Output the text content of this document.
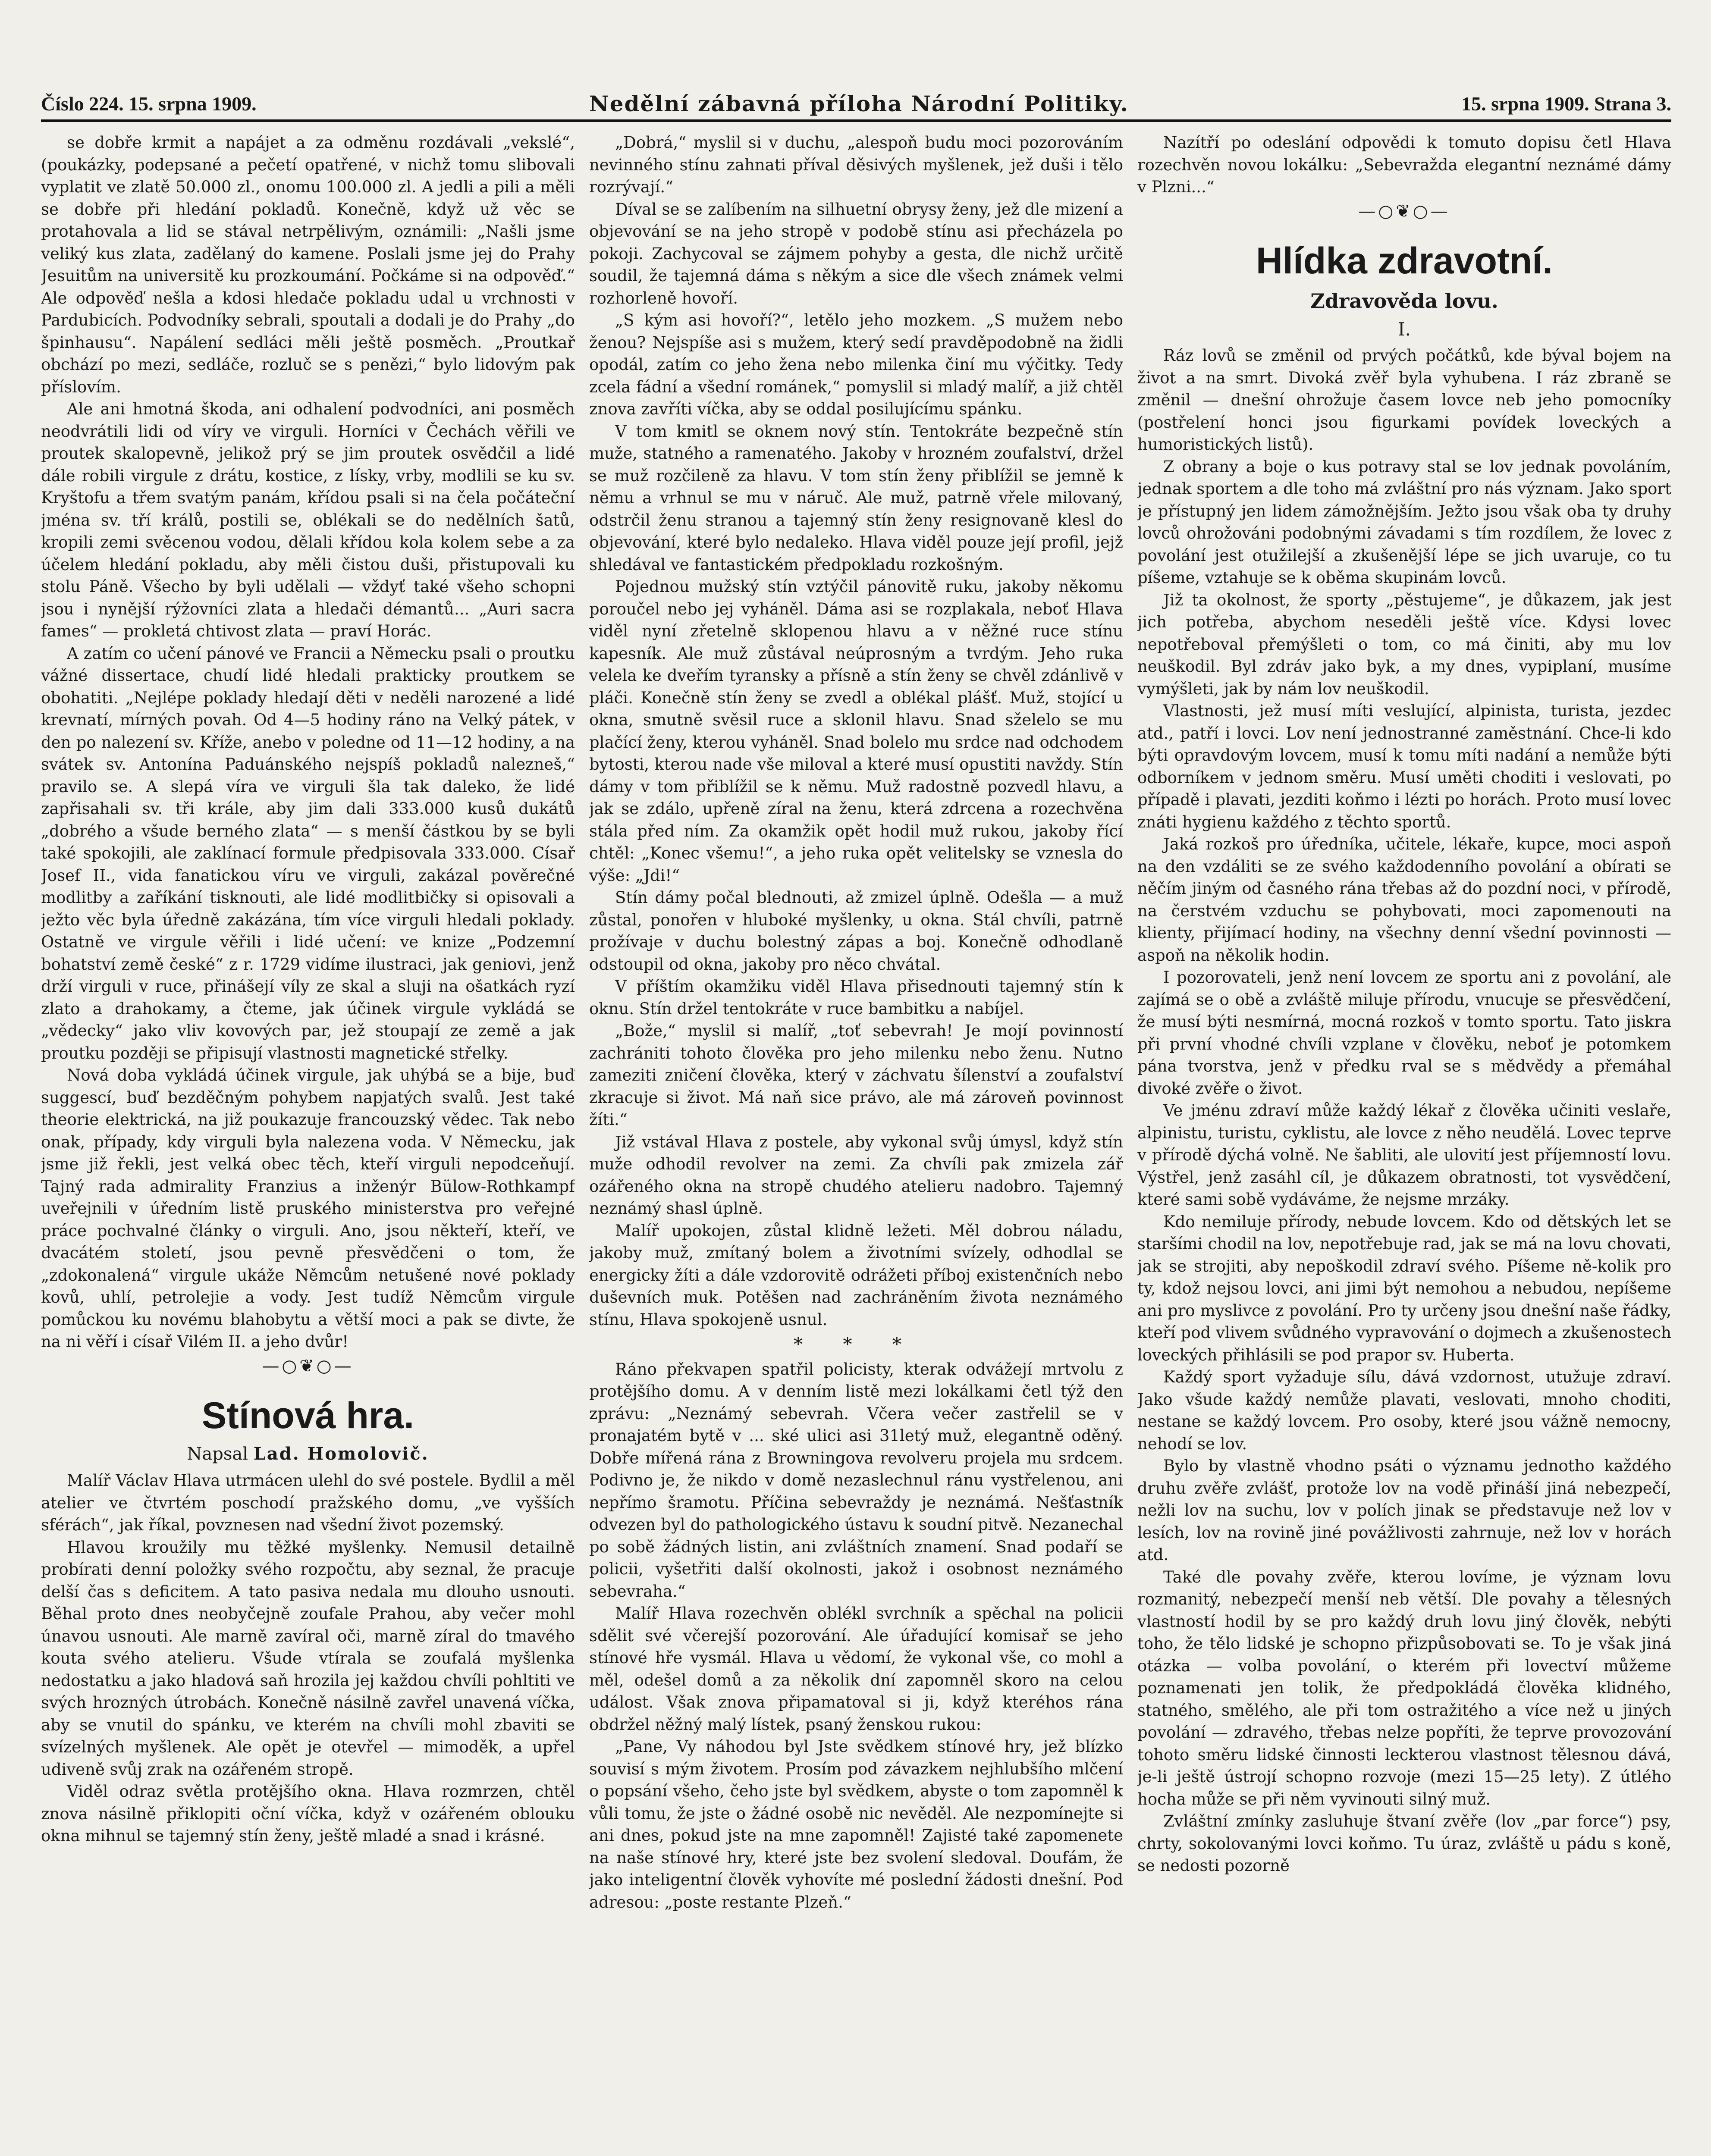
Číslo 224. 15. srpna 1909.	Nedělní zábavná příloha Národní Politiky.	15. srpna 1909. Strana 3.

se dobře krmit a napájet a za odměnu rozdávali „vekslé“, (poukázky, podepsané a pečetí opatřené, v nichž tomu slibovali vyplatit ve zlatě 50.000 zl., onomu 100.000 zl. A jedli a pili a měli se dobře při hledání pokladů. Konečně, když už věc se protahovala a lid se stával netrpělivým, oznámili: „Našli jsme veliký kus zlata, zadělaný do kamene. Poslali jsme jej do Prahy Jesuitům na universitě ku prozkoumání. Počkáme si na odpověď.“ Ale odpověď nešla a kdosi hledače pokladu udal u vrchnosti v Pardubicích. Podvodníky sebrali, spoutali a dodali je do Prahy „do špinhausu“. Napálení sedláci měli ještě posměch. „Proutkař obchází po mezi, sedláče, rozluč se s penězi,“ bylo lidovým pak příslovím.

Ale ani hmotná škoda, ani odhalení podvodníci, ani posměch neodvrátili lidi od víry ve virguli. Horníci v Čechách věřili ve proutek skalopevně, jelikož prý se jim proutek osvědčil a lidé dále robili virgule z drátu, kostice, z lísky, vrby, modlili se ku sv. Kryštofu a třem svatým panám, křídou psali si na čela počáteční jména sv. tří králů, postili se, oblékali se do nedělních šatů, kropili zemi svěcenou vodou, dělali křídou kola kolem sebe a za účelem hledání pokladu, aby měli čistou duši, přistupovali ku stolu Páně. Všecho by byli udělali — vždyť také všeho schopni jsou i nynější rýžovníci zlata a hledači démantů... „Auri sacra fames“ — prokletá chtivost zlata — praví Horác.

A zatím co učení pánové ve Francii a Německu psali o proutku vážné dissertace, chudí lidé hledali prakticky proutkem se obohatiti. „Nejlépe poklady hledají děti v neděli narozené a lidé krevnatí, mírných povah. Od 4—5 hodiny ráno na Velký pátek, v den po nalezení sv. Kříže, anebo v poledne od 11—12 hodiny, a na svátek sv. Antonína Paduánského nejspíš pokladů nalezneš,“ pravilo se. A slepá víra ve virguli šla tak daleko, že lidé zapřisahali sv. tři krále, aby jim dali 333.000 kusů dukátů „dobrého a všude berného zlata“ — s menší částkou by se byli také spokojili, ale zaklínací formule předpisovala 333.000. Císař Josef II., vida fanatickou víru ve virguli, zakázal pověrečné modlitby a zaříkání tisknouti, ale lidé modlitbičky si opisovali a ježto věc byla úředně zakázána, tím více virguli hledali poklady. Ostatně ve virgule věřili i lidé učení: ve knize „Podzemní bohatství země české“ z r. 1729 vidíme ilustraci, jak geniovi, jenž drží virguli v ruce, přinášejí víly ze skal a sluji na ošatkách ryzí zlato a drahokamy, a čteme, jak účinek virgule vykládá se „vědecky“ jako vliv kovových par, jež stoupají ze země a jak proutku později se připisují vlastnosti magnetické střelky.

Nová doba vykládá účinek virgule, jak uhýbá se a bije, buď suggescí, buď bezděčným pohybem napjatých svalů. Jest také theorie elektrická, na již poukazuje francouzský vědec. Tak nebo onak, případy, kdy virguli byla nalezena voda. V Německu, jak jsme již řekli, jest velká obec těch, kteří virguli nepodceňují. Tajný rada admirality Franzius a inženýr Bülow-Rothkampf uveřejnili v úředním listě pruského ministerstva pro veřejné práce pochvalné články o virguli. Ano, jsou někteří, kteří, ve dvacátém století, jsou pevně přesvědčeni o tom, že „zdokonalená“ virgule ukáže Němcům netušené nové poklady kovů, uhlí, petrolejie a vody. Jest tudíž Němcům virgule pomůckou ku novému blahobytu a větší moci a pak se divte, že na ni věří i císař Vilém II. a jeho dvůr!

—○❦○—
Stínová hra.
Napsal Lad. Homolovič.

Malíř Václav Hlava utrmácen ulehl do své postele. Bydlil a měl atelier ve čtvrtém poschodí pražského domu, „ve vyšších sférách“, jak říkal, povznesen nad všední život pozemský.

Hlavou kroužily mu těžké myšlenky. Nemusil detailně probírati denní položky svého rozpočtu, aby seznal, že pracuje delší čas s deficitem. A tato pasiva nedala mu dlouho usnouti. Běhal proto dnes neobyčejně zoufale Prahou, aby večer mohl únavou usnouti. Ale marně zavíral oči, marně zíral do tmavého kouta svého atelieru. Všude vtírala se zoufalá myšlenka nedostatku a jako hladová saň hrozila jej každou chvíli pohltiti ve svých hrozných útrobách. Konečně násilně zavřel unavená víčka, aby se vnutil do spánku, ve kterém na chvíli mohl zbaviti se svízelných myšlenek. Ale opět je otevřel — mimoděk, a upřel udiveně svůj zrak na ozářeném stropě.

Viděl odraz světla protějšího okna. Hlava rozmrzen, chtěl znova násilně přiklopiti oční víčka, když v ozářeném oblouku okna mihnul se tajemný stín ženy, ještě mladé a snad i krásné.

„Dobrá,“ myslil si v duchu, „alespoň budu moci pozorováním nevinného stínu zahnati příval děsivých myšlenek, jež duši i tělo rozrývají.“

Díval se se zalíbením na silhuetní obrysy ženy, jež dle mizení a objevování se na jeho stropě v podobě stínu asi přecházela po pokoji. Zachycoval se zájmem pohyby a gesta, dle nichž určitě soudil, že tajemná dáma s někým a sice dle všech známek velmi rozhorleně hovoří.

„S kým asi hovoří?“, letělo jeho mozkem. „S mužem nebo ženou? Nejspíše asi s mužem, který sedí pravděpodobně na židli opodál, zatím co jeho žena nebo milenka činí mu výčitky. Tedy zcela fádní a všední románek,“ pomyslil si mladý malíř, a již chtěl znova zavříti víčka, aby se oddal posilujícímu spánku.

V tom kmitl se oknem nový stín. Tentokráte bezpečně stín muže, statného a ramenatého. Jakoby v hrozném zoufalství, držel se muž rozčileně za hlavu. V tom stín ženy přiblížil se jemně k němu a vrhnul se mu v náruč. Ale muž, patrně vřele milovaný, odstrčil ženu stranou a tajemný stín ženy resignovaně klesl do objevování, které bylo nedaleko. Hlava viděl pouze její profil, jejž shledával ve fantastickém předpokladu rozkošným.

Pojednou mužský stín vztýčil pánovitě ruku, jakoby někomu poroučel nebo jej vyháněl. Dáma asi se rozplakala, neboť Hlava viděl nyní zřetelně sklopenou hlavu a v něžné ruce stínu kapesník. Ale muž zůstával neúprosným a tvrdým. Jeho ruka velela ke dveřím tyransky a přísně a stín ženy se chvěl zdánlivě v pláči. Konečně stín ženy se zvedl a oblékal plášť. Muž, stojící u okna, smutně svěsil ruce a sklonil hlavu. Snad sželelo se mu plačící ženy, kterou vyháněl. Snad bolelo mu srdce nad odchodem bytosti, kterou nade vše miloval a které musí opustiti navždy. Stín dámy v tom přiblížil se k němu. Muž radostně pozvedl hlavu, a jak se zdálo, upřeně zíral na ženu, která zdrcena a rozechvěna stála před ním. Za okamžik opět hodil muž rukou, jakoby řící chtěl: „Konec všemu!“, a jeho ruka opět velitelsky se vznesla do výše: „Jdi!“

Stín dámy počal blednouti, až zmizel úplně. Odešla — a muž zůstal, ponořen v hluboké myšlenky, u okna. Stál chvíli, patrně prožívaje v duchu bolestný zápas a boj. Konečně odhodlaně odstoupil od okna, jakoby pro něco chvátal.

V příštím okamžiku viděl Hlava přisednouti tajemný stín k oknu. Stín držel tentokráte v ruce bambitku a nabíjel.

„Bože,“ myslil si malíř, „toť sebevrah! Je mojí povinností zachrániti tohoto člověka pro jeho milenku nebo ženu. Nutno zameziti zničení člověka, který v záchvatu šílenství a zoufalství zkracuje si život. Má naň sice právo, ale má zároveň povinnost žíti.“

Již vstával Hlava z postele, aby vykonal svůj úmysl, když stín muže odhodil revolver na zemi. Za chvíli pak zmizela zář ozářeného okna na stropě chudého atelieru nadobro. Tajemný neznámý shasl úplně.

Malíř upokojen, zůstal klidně ležeti. Měl dobrou náladu, jakoby muž, zmítaný bolem a životními svízely, odhodlal se energicky žíti a dále vzdorovitě odrážeti příboj existenčních nebo duševních muk. Potěšen nad zachráněním života neznámého stínu, Hlava spokojeně usnul.

* * *

Ráno překvapen spatřil policisty, kterak odvážejí mrtvolu z protějšího domu. A v denním listě mezi lokálkami četl týž den zprávu: „Neznámý sebevrah. Včera večer zastřelil se v pronajatém bytě v ... ské ulici asi 31letý muž, elegantně oděný. Dobře mířená rána z Browningova revolveru projela mu srdcem. Podivno je, že nikdo v domě nezaslechnul ránu vystřelenou, ani nepřímo šramotu. Příčina sebevraždy je neznámá. Nešťastník odvezen byl do pathologického ústavu k soudní pitvě. Nezanechal po sobě žádných listin, ani zvláštních znamení. Snad podaří se policii, vyšetřiti další okolnosti, jakož i osobnost neznámého sebevraha.“

Malíř Hlava rozechvěn oblékl svrchník a spěchal na policii sdělit své včerejší pozorování. Ale úřadující komisař se jeho stínové hře vysmál. Hlava u vědomí, že vykonal vše, co mohl a měl, odešel domů a za několik dní zapomněl skoro na celou událost. Však znova připamatoval si ji, když kteréhos rána obdržel něžný malý lístek, psaný ženskou rukou:

„Pane, Vy náhodou byl Jste svědkem stínové hry, jež blízko souvisí s mým životem. Prosím pod závazkem nejhlubšího mlčení o popsání všeho, čeho jste byl svědkem, abyste o tom zapomněl k vůli tomu, že jste o žádné osobě nic nevěděl. Ale nezpomínejte si ani dnes, pokud jste na mne zapomněl! Zajisté také zapomenete na naše stínové hry, které jste bez svolení sledoval. Doufám, že jako inteligentní člověk vyhovíte mé poslední žádosti dnešní. Pod adresou: „poste restante Plzeň.“

Nazítří po odeslání odpovědi k tomuto dopisu četl Hlava rozechvěn novou lokálku: „Sebevražda elegantní neznámé dámy v Plzni...“

—○❦○—
Hlídka zdravotní.
Zdravověda lovu.
I.

Ráz lovů se změnil od prvých počátků, kde býval bojem na život a na smrt. Divoká zvěř byla vyhubena. I ráz zbraně se změnil — dnešní ohrožuje časem lovce neb jeho pomocníky (postřelení honci jsou figurkami povídek loveckých a humoristických listů).

Z obrany a boje o kus potravy stal se lov jednak povoláním, jednak sportem a dle toho má zvláštní pro nás význam. Jako sport je přístupný jen lidem zámožnějším. Ježto jsou však oba ty druhy lovců ohrožováni podobnými závadami s tím rozdílem, že lovec z povolání jest otužilejší a zkušenější lépe se jich uvaruje, co tu píšeme, vztahuje se k oběma skupinám lovců.

Již ta okolnost, že sporty „pěstujeme“, je důkazem, jak jest jich potřeba, abychom neseděli ještě více. Kdysi lovec nepotřeboval přemýšleti o tom, co má činiti, aby mu lov neuškodil. Byl zdráv jako byk, a my dnes, vypiplaní, musíme vymýšleti, jak by nám lov neuškodil.

Vlastnosti, jež musí míti veslující, alpinista, turista, jezdec atd., patří i lovci. Lov není jednostranné zaměstnání. Chce-li kdo býti opravdovým lovcem, musí k tomu míti nadání a nemůže býti odborníkem v jednom směru. Musí uměti choditi i veslovati, po případě i plavati, jezditi koňmo i lézti po horách. Proto musí lovec znáti hygienu každého z těchto sportů.

Jaká rozkoš pro úředníka, učitele, lékaře, kupce, moci aspoň na den vzdáliti se ze svého každodenního povolání a obírati se něčím jiným od časného rána třebas až do pozdní noci, v přírodě, na čerstvém vzduchu se pohybovati, moci zapomenouti na klienty, přijímací hodiny, na všechny denní všední povinnosti — aspoň na několik hodin.

I pozorovateli, jenž není lovcem ze sportu ani z povolání, ale zajímá se o obě a zvláště miluje přírodu, vnucuje se přesvědčení, že musí býti nesmírná, mocná rozkoš v tomto sportu. Tato jiskra při první vhodné chvíli vzplane v člověku, neboť je potomkem pána tvorstva, jenž v předku rval se s mědvědy a přemáhal divoké zvěře o život.

Ve jménu zdraví může každý lékař z člověka učiniti veslaře, alpinistu, turistu, cyklistu, ale lovce z něho neudělá. Lovec teprve v přírodě dýchá volně. Ne šabliti, ale ulovití jest příjemností lovu. Výstřel, jenž zasáhl cíl, je důkazem obratnosti, tot vysvědčení, které sami sobě vydáváme, že nejsme mrzáky.

Kdo nemiluje přírody, nebude lovcem. Kdo od dětských let se staršími chodil na lov, nepotřebuje rad, jak se má na lovu chovati, jak se strojiti, aby nepoškodil zdraví svého. Píšeme ně-kolik pro ty, kdož nejsou lovci, ani jimi být nemohou a nebudou, nepíšeme ani pro myslivce z povolání. Pro ty určeny jsou dnešní naše řádky, kteří pod vlivem svůdného vypravování o dojmech a zkušenostech loveckých přihlásili se pod prapor sv. Huberta.

Každý sport vyžaduje sílu, dává vzdornost, utužuje zdraví. Jako všude každý nemůže plavati, veslovati, mnoho choditi, nestane se každý lovcem. Pro osoby, které jsou vážně nemocny, nehodí se lov.

Bylo by vlastně vhodno psáti o významu jednotho každého druhu zvěře zvlášť, protože lov na vodě přináší jiná nebezpečí, nežli lov na suchu, lov v polích jinak se představuje než lov v lesích, lov na rovině jiné povážlivosti zahrnuje, než lov v horách atd.

Také dle povahy zvěře, kterou lovíme, je význam lovu rozmanitý, nebezpečí menší neb větší. Dle povahy a tělesných vlastností hodil by se pro každý druh lovu jiný člověk, nebýti toho, že tělo lidské je schopno přizpůsobovati se. To je však jiná otázka — volba povolání, o kterém při lovectví můžeme poznamenati jen tolik, že předpokládá člověka klidného, statného, smělého, ale při tom ostražitého a více než u jiných povolání — zdravého, třebas nelze popříti, že teprve provozování tohoto směru lidské činnosti leckterou vlastnost tělesnou dává, je-li ještě ústrojí schopno rozvoje (mezi 15—25 lety). Z útlého hocha může se při něm vyvinouti silný muž.

Zvláštní zmínky zasluhuje štvaní zvěře (lov „par force“) psy, chrty, sokolovanými lovci koňmo. Tu úraz, zvláště u pádu s koně, se nedosti pozorně
